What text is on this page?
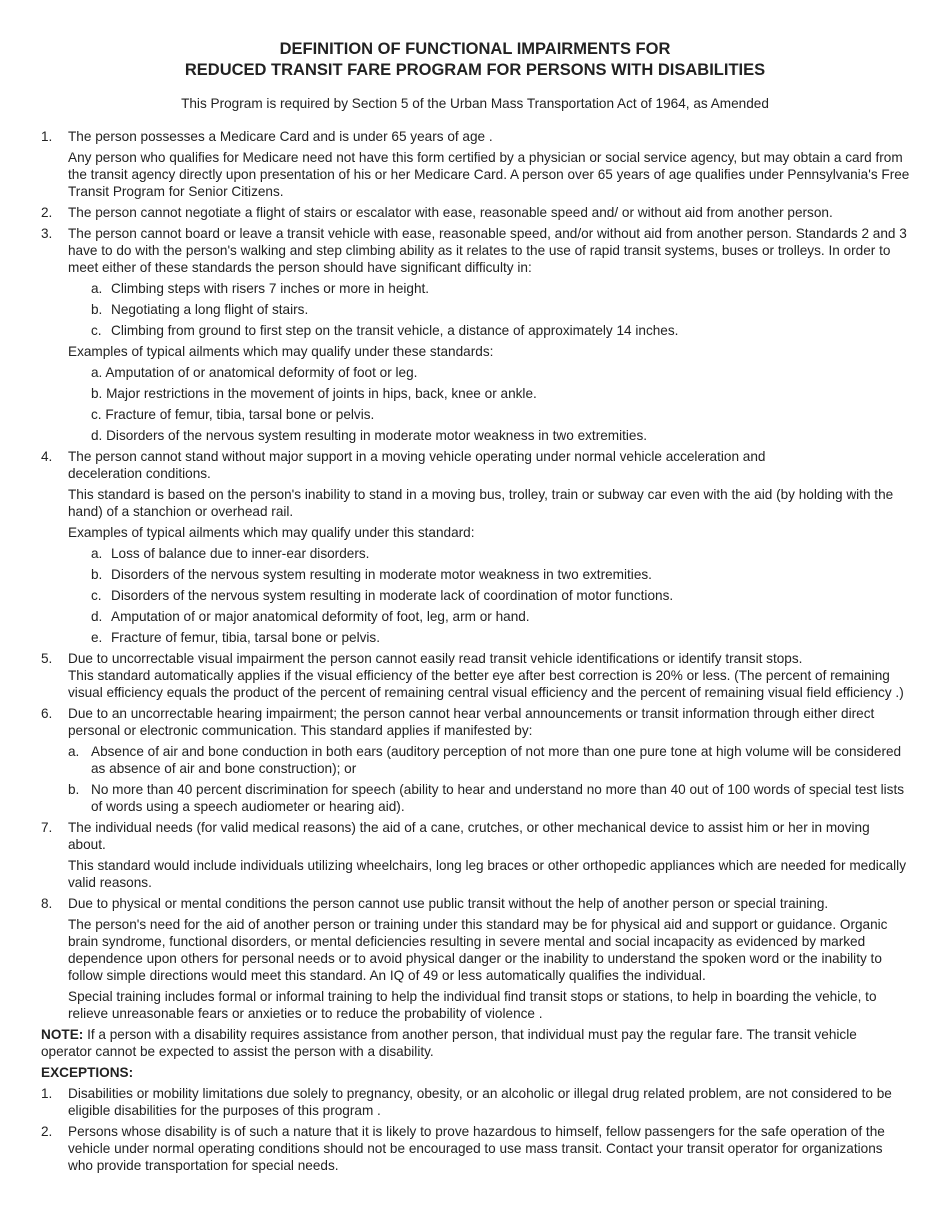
DEFINITION OF FUNCTIONAL IMPAIRMENTS FOR
REDUCED TRANSIT FARE PROGRAM FOR PERSONS WITH DISABILITIES
This Program is required by Section 5 of the Urban Mass Transportation Act of 1964, as Amended
1. The person possesses a Medicare Card and is under 65 years of age .
Any person who qualifies for Medicare need not have this form certified by a physician or social service agency, but may obtain a card from the transit agency directly upon presentation of his or her Medicare Card. A person over 65 years of age qualifies under Pennsylvania's Free Transit Program for Senior Citizens.
2. The person cannot negotiate a flight of stairs or escalator with ease, reasonable speed and/ or without aid from another person.
3. The person cannot board or leave a transit vehicle with ease, reasonable speed, and/or without aid from another person. Standards 2 and 3 have to do with the person's walking and step climbing ability as it relates to the use of rapid transit systems, buses or trolleys. In order to meet either of these standards the person should have significant difficulty in:
a. Climbing steps with risers 7 inches or more in height.
b. Negotiating a long flight of stairs.
c. Climbing from ground to first step on the transit vehicle, a distance of approximately 14 inches.
Examples of typical ailments which may qualify under these standards:
a. Amputation of or anatomical deformity of foot or leg.
b. Major restrictions in the movement of joints in hips, back, knee or ankle.
c. Fracture of femur, tibia, tarsal bone or pelvis.
d. Disorders of the nervous system resulting in moderate motor weakness in two extremities.
4. The person cannot stand without major support in a moving vehicle operating under normal vehicle acceleration and
deceleration conditions.
This standard is based on the person's inability to stand in a moving bus, trolley, train or subway car even with the aid (by holding with the hand) of a stanchion or overhead rail.
Examples of typical ailments which may qualify under this standard:
a. Loss of balance due to inner-ear disorders.
b. Disorders of the nervous system resulting in moderate motor weakness in two extremities.
c. Disorders of the nervous system resulting in moderate lack of coordination of motor functions.
d. Amputation of or major anatomical deformity of foot, leg, arm or hand.
e. Fracture of femur, tibia, tarsal bone or pelvis.
5. Due to uncorrectable visual impairment the person cannot easily read transit vehicle identifications or identify transit stops.
This standard automatically applies if the visual efficiency of the better eye after best correction is 20% or less. (The percent of remaining visual efficiency equals the product of the percent of remaining central visual efficiency and the percent of remaining visual field efficiency .)
6. Due to an uncorrectable hearing impairment; the person cannot hear verbal announcements or transit information through either direct personal or electronic communication. This standard applies if manifested by:
a. Absence of air and bone conduction in both ears (auditory perception of not more than one pure tone at high volume will be considered as absence of air and bone construction); or
b. No more than 40 percent discrimination for speech (ability to hear and understand no more than 40 out of 100 words of special test lists of words using a speech audiometer or hearing aid).
7. The individual needs (for valid medical reasons) the aid of a cane, crutches, or other mechanical device to assist him or her in moving about.
This standard would include individuals utilizing wheelchairs, long leg braces or other orthopedic appliances which are needed for medically valid reasons.
8. Due to physical or mental conditions the person cannot use public transit without the help of another person or special training.
The person's need for the aid of another person or training under this standard may be for physical aid and support or guidance. Organic brain syndrome, functional disorders, or mental deficiencies resulting in severe mental and social incapacity as evidenced by marked dependence upon others for personal needs or to avoid physical danger or the inability to understand the spoken word or the inability to follow simple directions would meet this standard. An IQ of 49 or less automatically qualifies the individual.
Special training includes formal or informal training to help the individual find transit stops or stations, to help in boarding the vehicle, to relieve unreasonable fears or anxieties or to reduce the probability of violence .
NOTE: If a person with a disability requires assistance from another person, that individual must pay the regular fare. The transit vehicle operator cannot be expected to assist the person with a disability.
EXCEPTIONS:
1. Disabilities or mobility limitations due solely to pregnancy, obesity, or an alcoholic or illegal drug related problem, are not considered to be eligible disabilities for the purposes of this program .
2. Persons whose disability is of such a nature that it is likely to prove hazardous to himself, fellow passengers for the safe operation of the vehicle under normal operating conditions should not be encouraged to use mass transit. Contact your transit operator for organizations who provide transportation for special needs.
